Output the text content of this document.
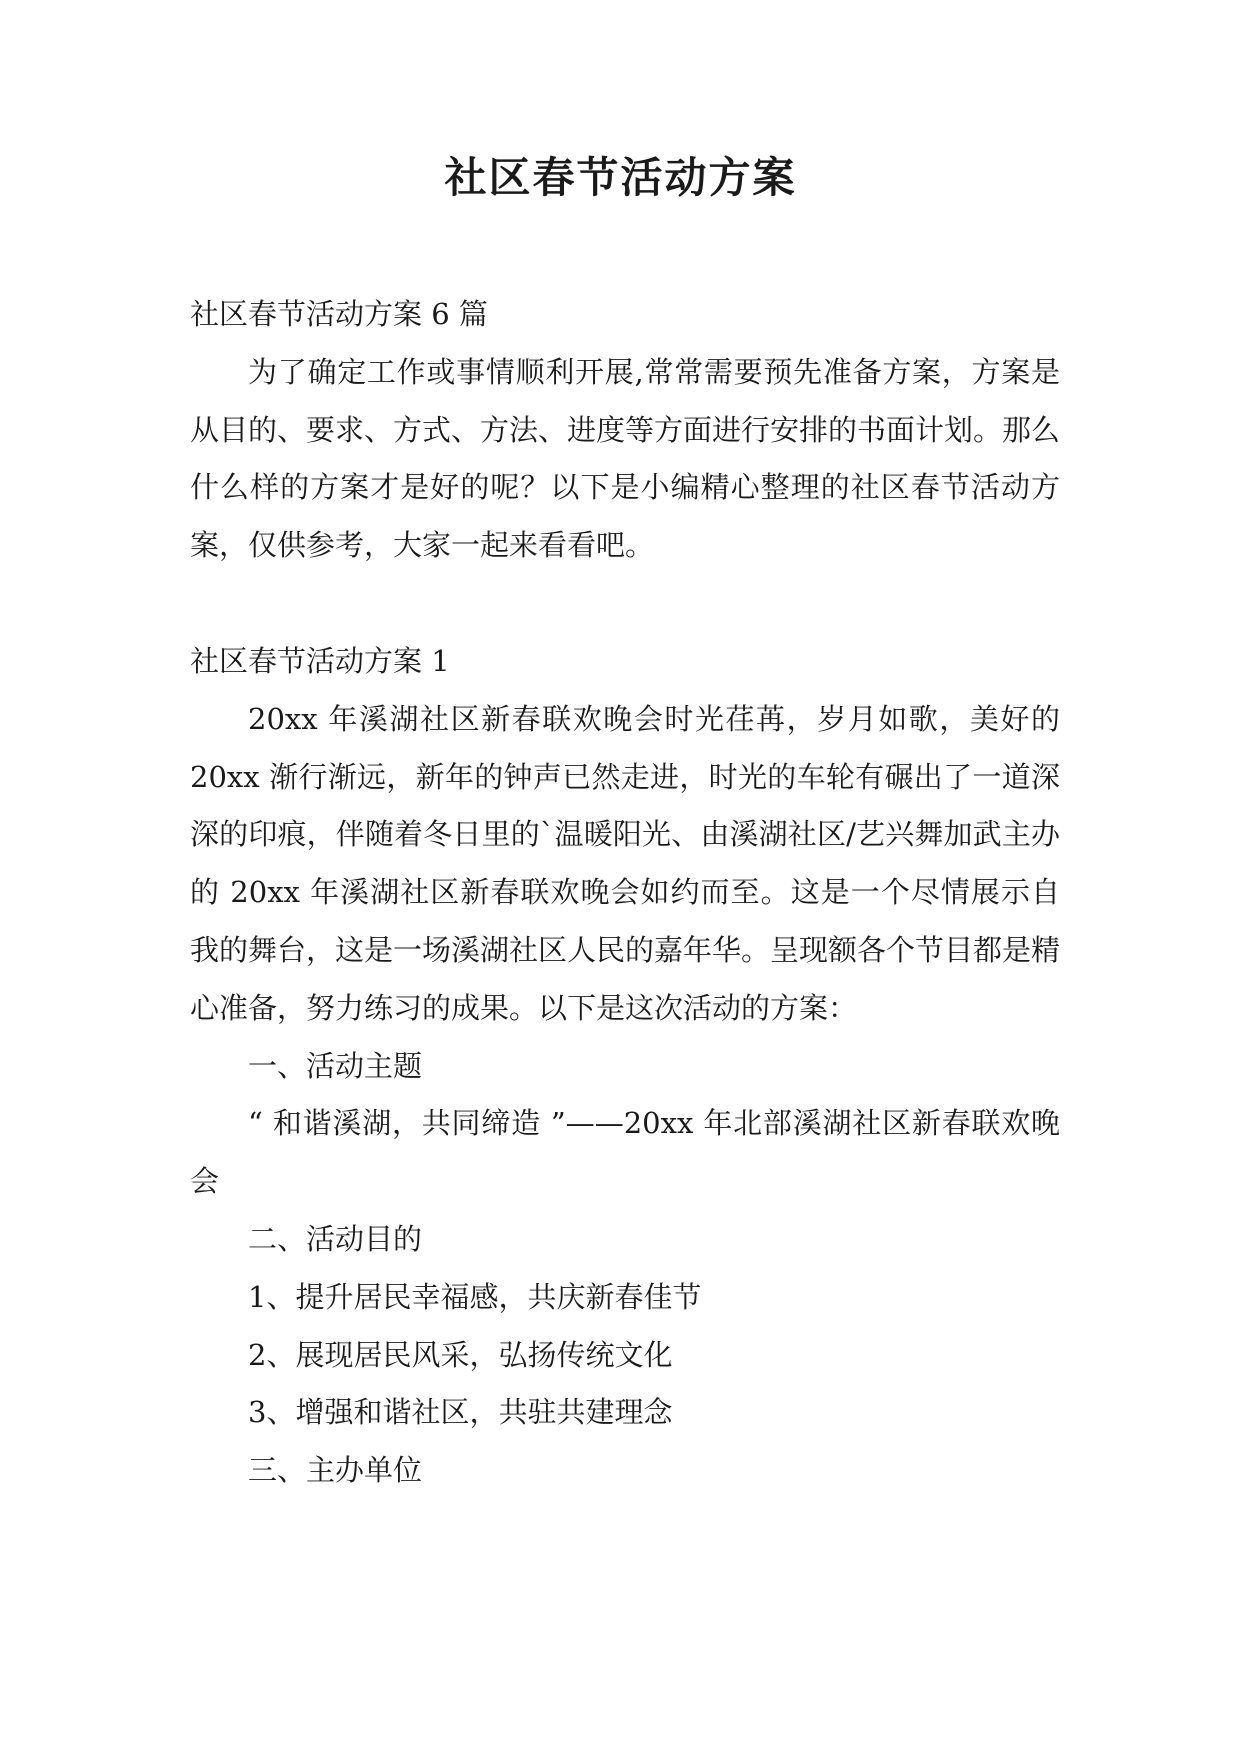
社区春节活动方案

社区春节活动方案 6 篇

为了确定工作或事情顺利开展,常常需要预先准备方案，方案是从目的、要求、方式、方法、进度等方面进行安排的书面计划。那么什么样的方案才是好的呢？以下是小编精心整理的社区春节活动方案，仅供参考，大家一起来看看吧。

社区春节活动方案 1

20xx 年溪湖社区新春联欢晚会时光荏苒，岁月如歌，美好的 20xx 渐行渐远，新年的钟声已然走进，时光的车轮有碾出了一道深深的印痕，伴随着冬日里的`温暖阳光、由溪湖社区/艺兴舞加武主办的 20xx 年溪湖社区新春联欢晚会如约而至。这是一个尽情展示自我的舞台，这是一场溪湖社区人民的嘉年华。呈现额各个节目都是精心准备，努力练习的成果。以下是这次活动的方案：

一、活动主题

“ 和谐溪湖，共同缔造 ”——20xx 年北部溪湖社区新春联欢晚会

二、活动目的

1、提升居民幸福感，共庆新春佳节

2、展现居民风采，弘扬传统文化

3、增强和谐社区，共驻共建理念

三、主办单位
